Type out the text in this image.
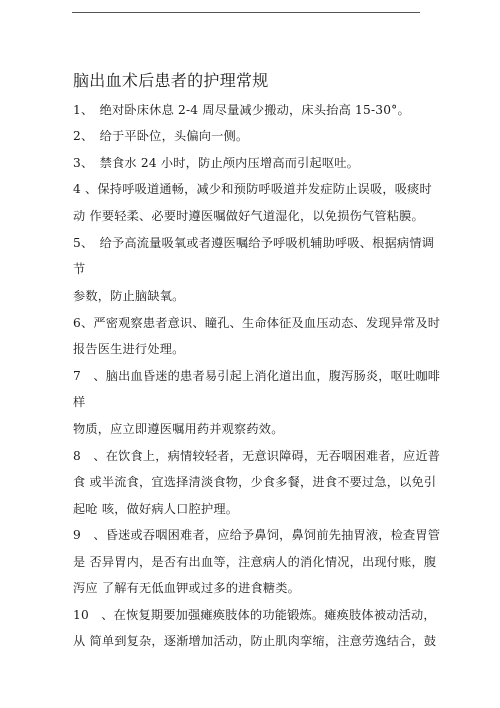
脑出血术后患者的护理常规
1、　绝对卧床休息 2-4 周尽量减少搬动，床头抬高 15-30°。
2、　给于平卧位，头偏向一侧。
3、　禁食水 24 小时，防止颅内压增高而引起呕吐。
4 、保持呼吸道通畅，减少和预防呼吸道并发症防止误吸，吸痰时
动 作要轻柔、必要时遵医嘱做好气道湿化，以免损伤气管粘膜。
5、　给予高流量吸氧或者遵医嘱给予呼吸机辅助呼吸、根据病情调
节
参数，防止脑缺氧。
6、严密观察患者意识、瞳孔、生命体征及血压动态、发现异常及时
报告医生进行处理。
7　、脑出血昏迷的患者易引起上消化道出血，腹泻肠炎，呕吐咖啡
样
物质，应立即遵医嘱用药并观察药效。
8　、在饮食上，病情较轻者，无意识障碍，无吞咽困难者，应近普
食 或半流食，宜选择清淡食物，少食多餐，进食不要过急，以免引
起呛 咳，做好病人口腔护理。
9　、昏迷或吞咽困难者，应给予鼻饲，鼻饲前先抽胃液，检查胃管
是 否异胃内，是否有出血等，注意病人的消化情况，出现付账，腹
泻应 了解有无低血钾或过多的进食糖类。
10　、在恢复期要加强瘫痪肢体的功能锻炼。瘫痪肢体被动活动，
从 简单到复杂，逐渐增加活动，防止肌肉挛缩，注意劳逸结合，鼓
